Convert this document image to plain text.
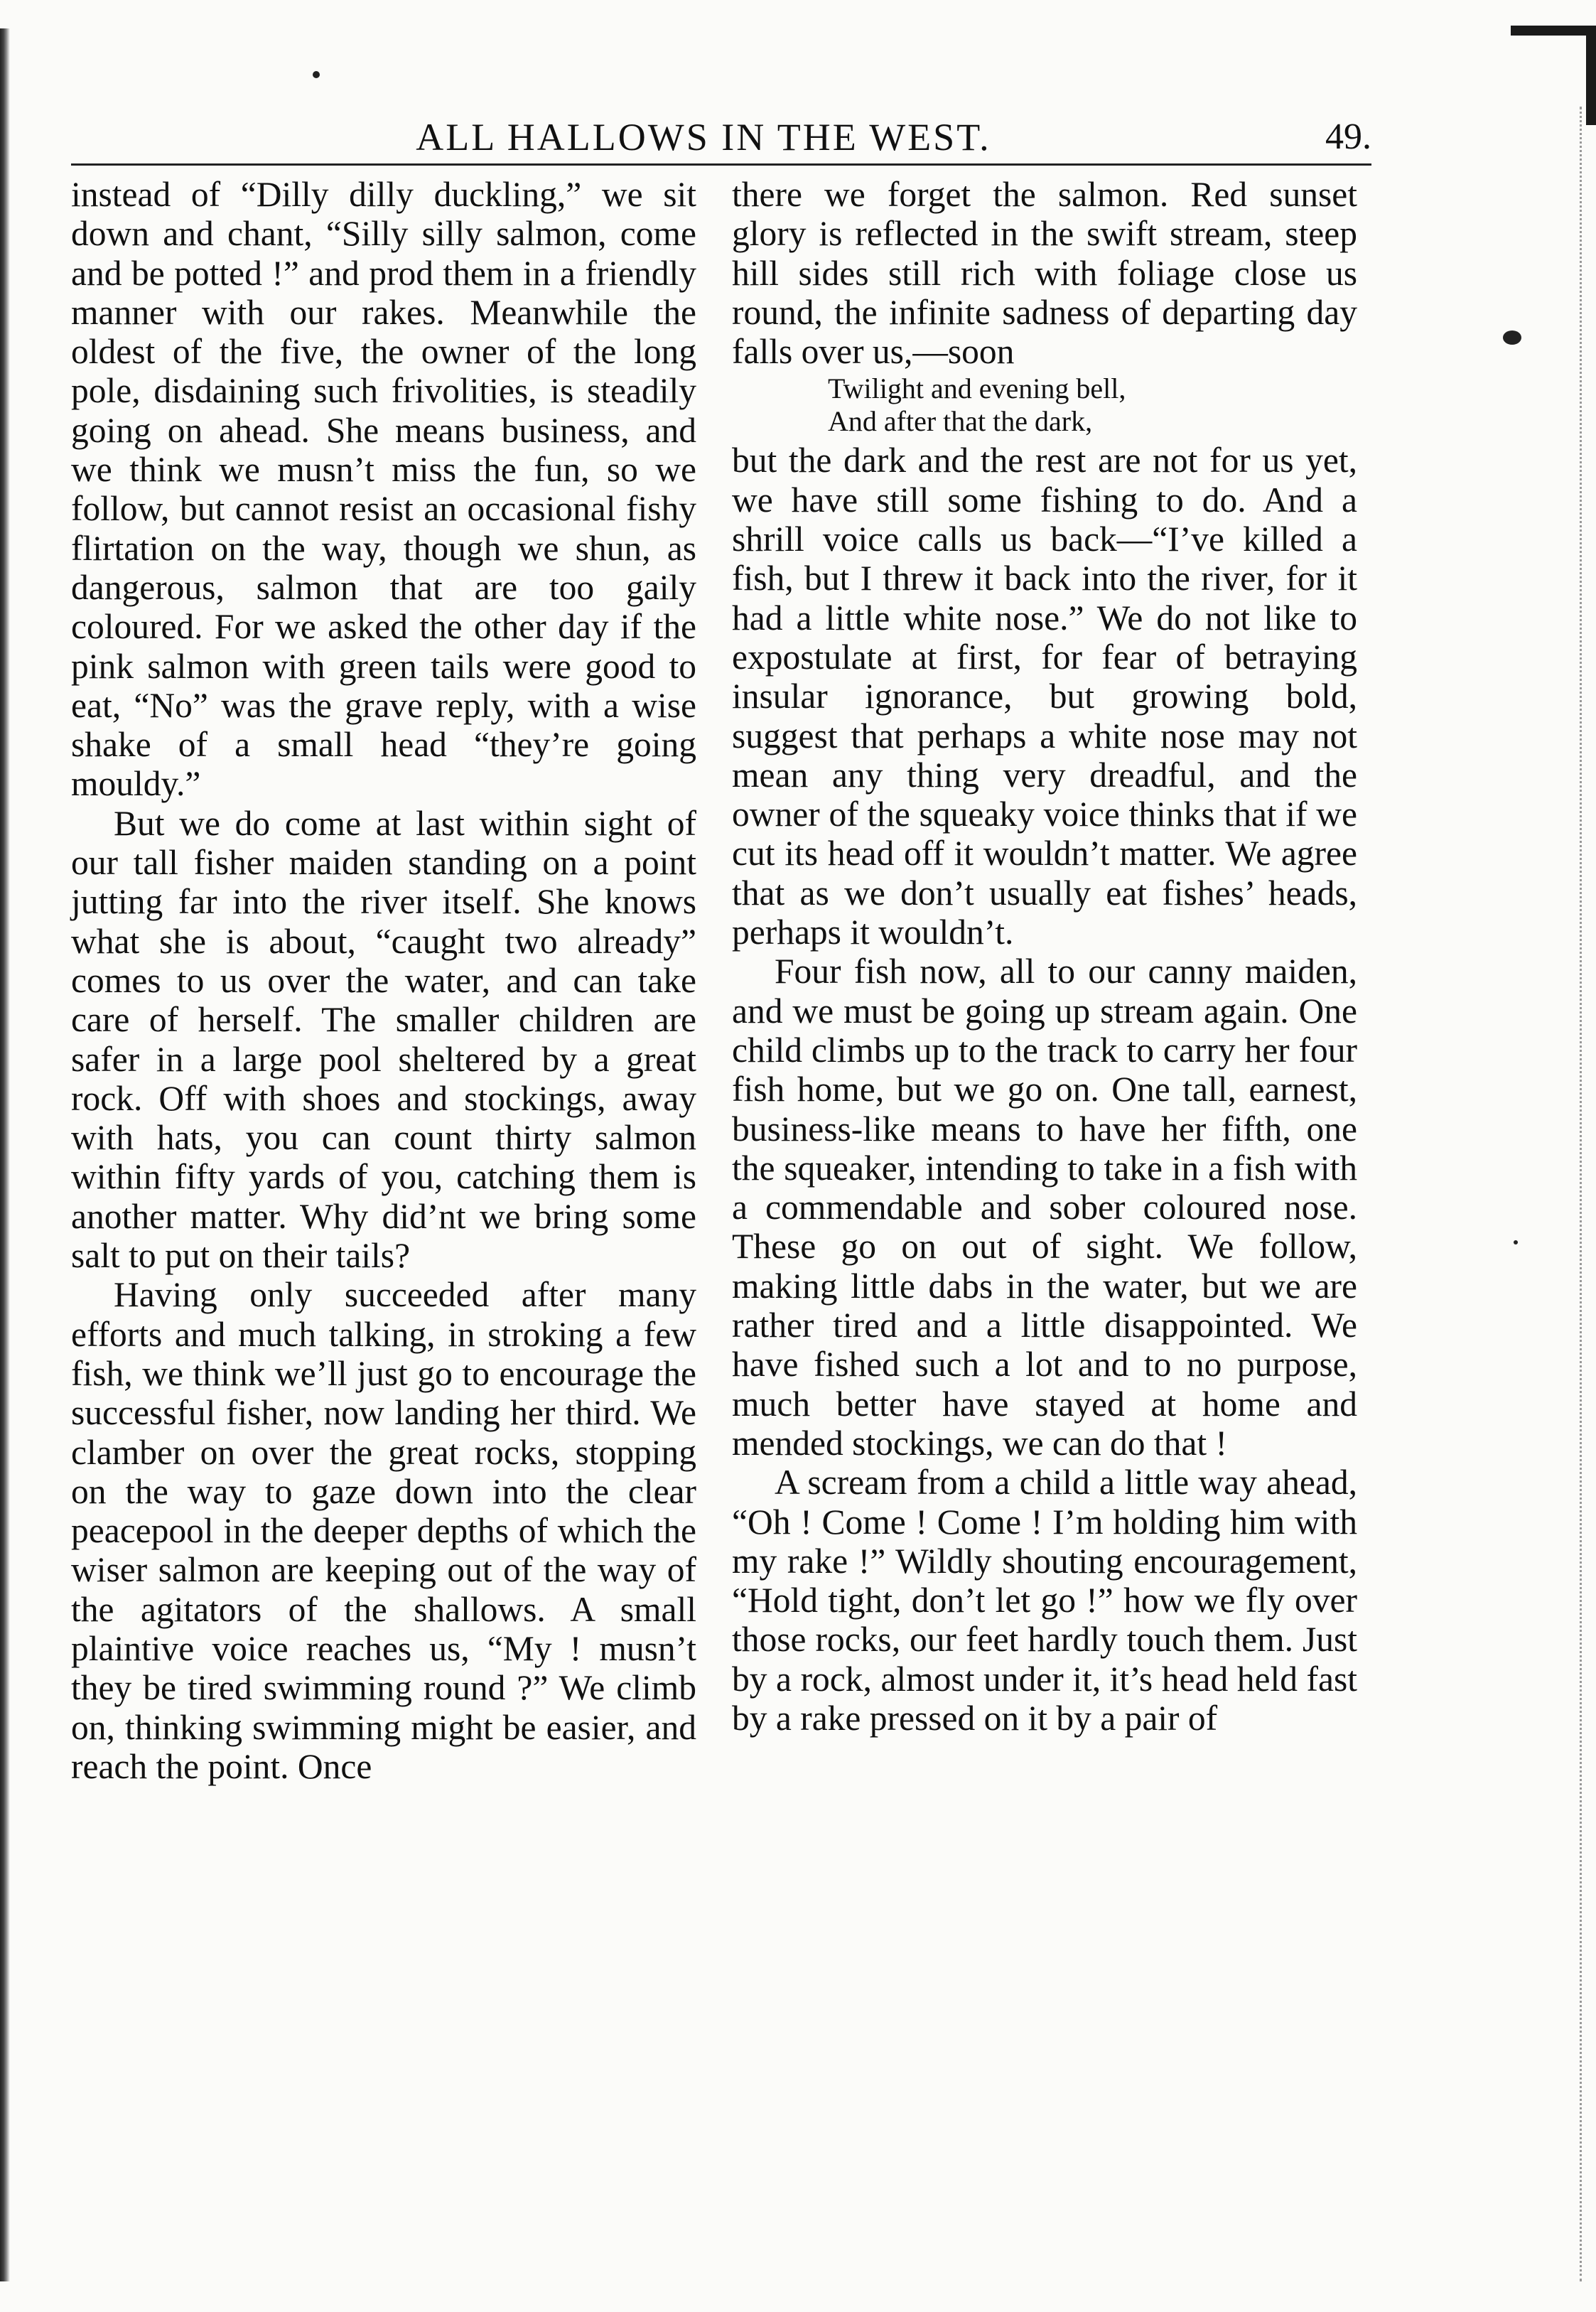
ALL HALLOWS IN THE WEST.	49.

instead of “Dilly dilly duckling,” we sit down and chant, “Silly silly salmon, come and be potted !” and prod them in a friendly manner with our rakes. Meanwhile the oldest of the five, the owner of the long pole, disdaining such frivolities, is steadily going on ahead. She means business, and we think we musn’t miss the fun, so we follow, but cannot resist an occasional fishy flirtation on the way, though we shun, as dangerous, salmon that are too gaily coloured. For we asked the other day if the pink salmon with green tails were good to eat, “No” was the grave reply, with a wise shake of a small head “they’re going mouldy.”

But we do come at last within sight of our tall fisher maiden standing on a point jutting far into the river itself. She knows what she is about, “caught two already” comes to us over the water, and can take care of herself. The smaller children are safer in a large pool sheltered by a great rock. Off with shoes and stockings, away with hats, you can count thirty salmon within fifty yards of you, catching them is another matter. Why did’nt we bring some salt to put on their tails?

Having only succeeded after many efforts and much talking, in stroking a few fish, we think we’ll just go to encourage the successful fisher, now landing her third. We clamber on over the great rocks, stopping on the way to gaze down into the clear peacepool in the deeper depths of which the wiser salmon are keeping out of the way of the agitators of the shallows. A small plaintive voice reaches us, “My ! musn’t they be tired swimming round ?” We climb on, thinking swimming might be easier, and reach the point. Once

there we forget the salmon. Red sunset glory is reflected in the swift stream, steep hill sides still rich with foliage close us round, the infinite sadness of departing day falls over us,—soon

Twilight and evening bell,
And after that the dark,

but the dark and the rest are not for us yet, we have still some fishing to do. And a shrill voice calls us back—“I’ve killed a fish, but I threw it back into the river, for it had a little white nose.” We do not like to expostulate at first, for fear of betraying insular ignorance, but growing bold, suggest that perhaps a white nose may not mean any thing very dreadful, and the owner of the squeaky voice thinks that if we cut its head off it wouldn’t matter. We agree that as we don’t usually eat fishes’ heads, perhaps it wouldn’t.

Four fish now, all to our canny maiden, and we must be going up stream again. One child climbs up to the track to carry her four fish home, but we go on. One tall, earnest, business-like means to have her fifth, one the squeaker, intending to take in a fish with a commendable and sober coloured nose. These go on out of sight. We follow, making little dabs in the water, but we are rather tired and a little disappointed. We have fished such a lot and to no purpose, much better have stayed at home and mended stockings, we can do that !

A scream from a child a little way ahead, “Oh ! Come ! Come ! I’m holding him with my rake !” Wildly shouting encouragement, “Hold tight, don’t let go !” how we fly over those rocks, our feet hardly touch them. Just by a rock, almost under it, it’s head held fast by a rake pressed on it by a pair of
